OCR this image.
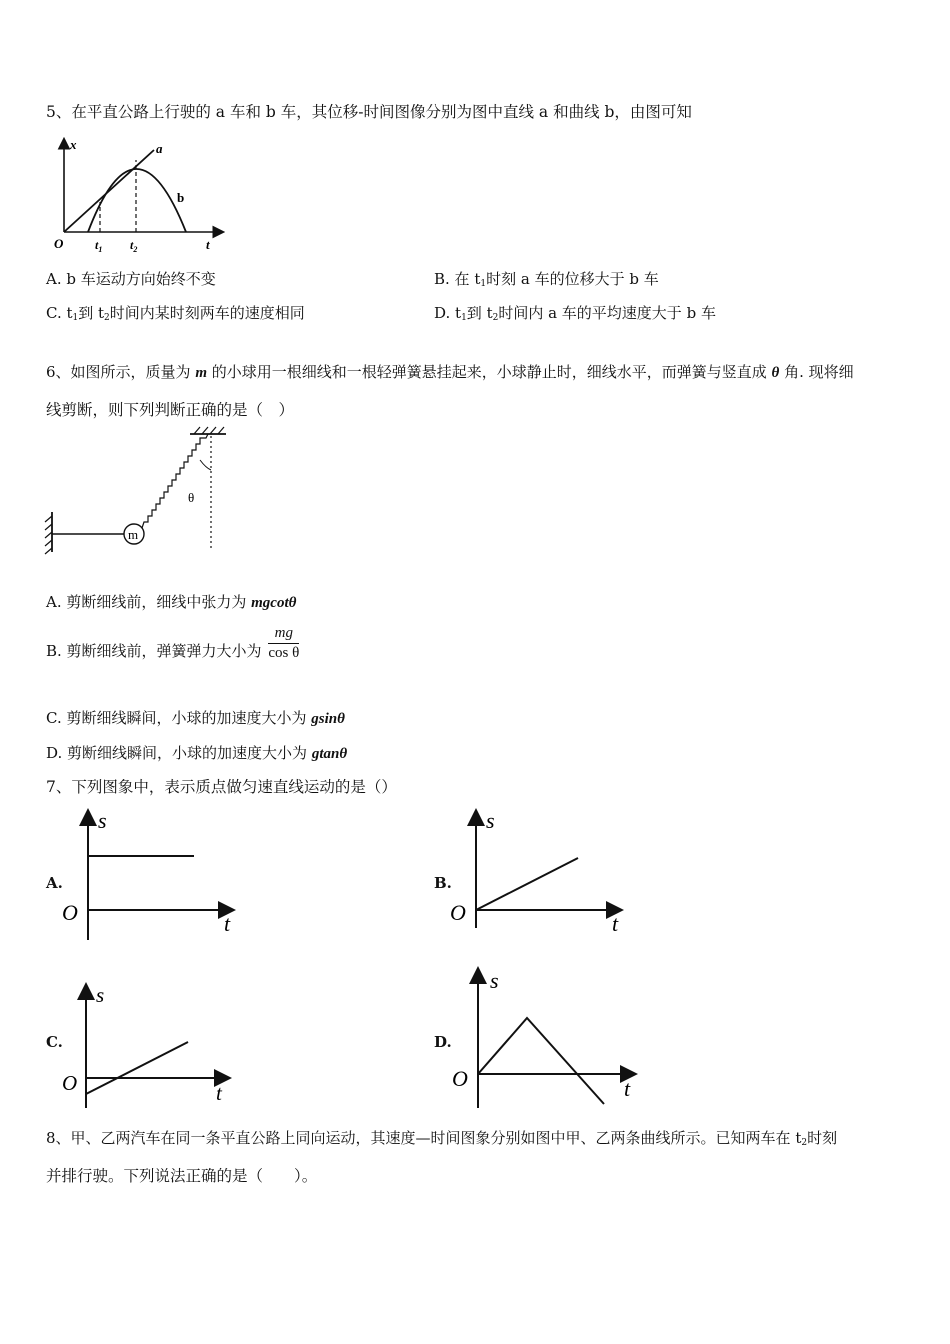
5、在平直公路上行驶的 a 车和 b 车，其位移-时间图像分别为图中直线 a 和曲线 b，由图可知
x
t
O	$t_1$ $t_2$
a
b
A. b 车运动方向始终不变	B. 在 $t_1$时刻 a 车的位移大于 b 车
C. $t_1$到 $t_2$时间内某时刻两车的速度相同	D. $t_1$到 $t_2$时间内 a 车的平均速度大于 b 车
6、如图所示，质量为 m 的小球用一根细线和一根轻弹簧悬挂起来，小球静止时，细线水平，而弹簧与竖直成 θ 角. 现将细
线剪断，则下列判断正确的是（　）
m
θ
A. 剪断细线前，细线中张力为 mgcotθ
B. 剪断细线前，弹簧弹力大小为 $\frac{mg}{\text{cos θ}}$
C. 剪断细线瞬间，小球的加速度大小为 gsinθ
D. 剪断细线瞬间，小球的加速度大小为 gtanθ
7、下列图象中，表示质点做匀速直线运动的是（）
A.
s
t
O
B.
s
t
O
C.
s
t
O
D.
s
t
O
8、甲、乙两汽车在同一条平直公路上同向运动，其速度—时间图象分别如图中甲、乙两条曲线所示。已知两车在 $t_2$时刻
并排行驶。下列说法正确的是（　　）。
